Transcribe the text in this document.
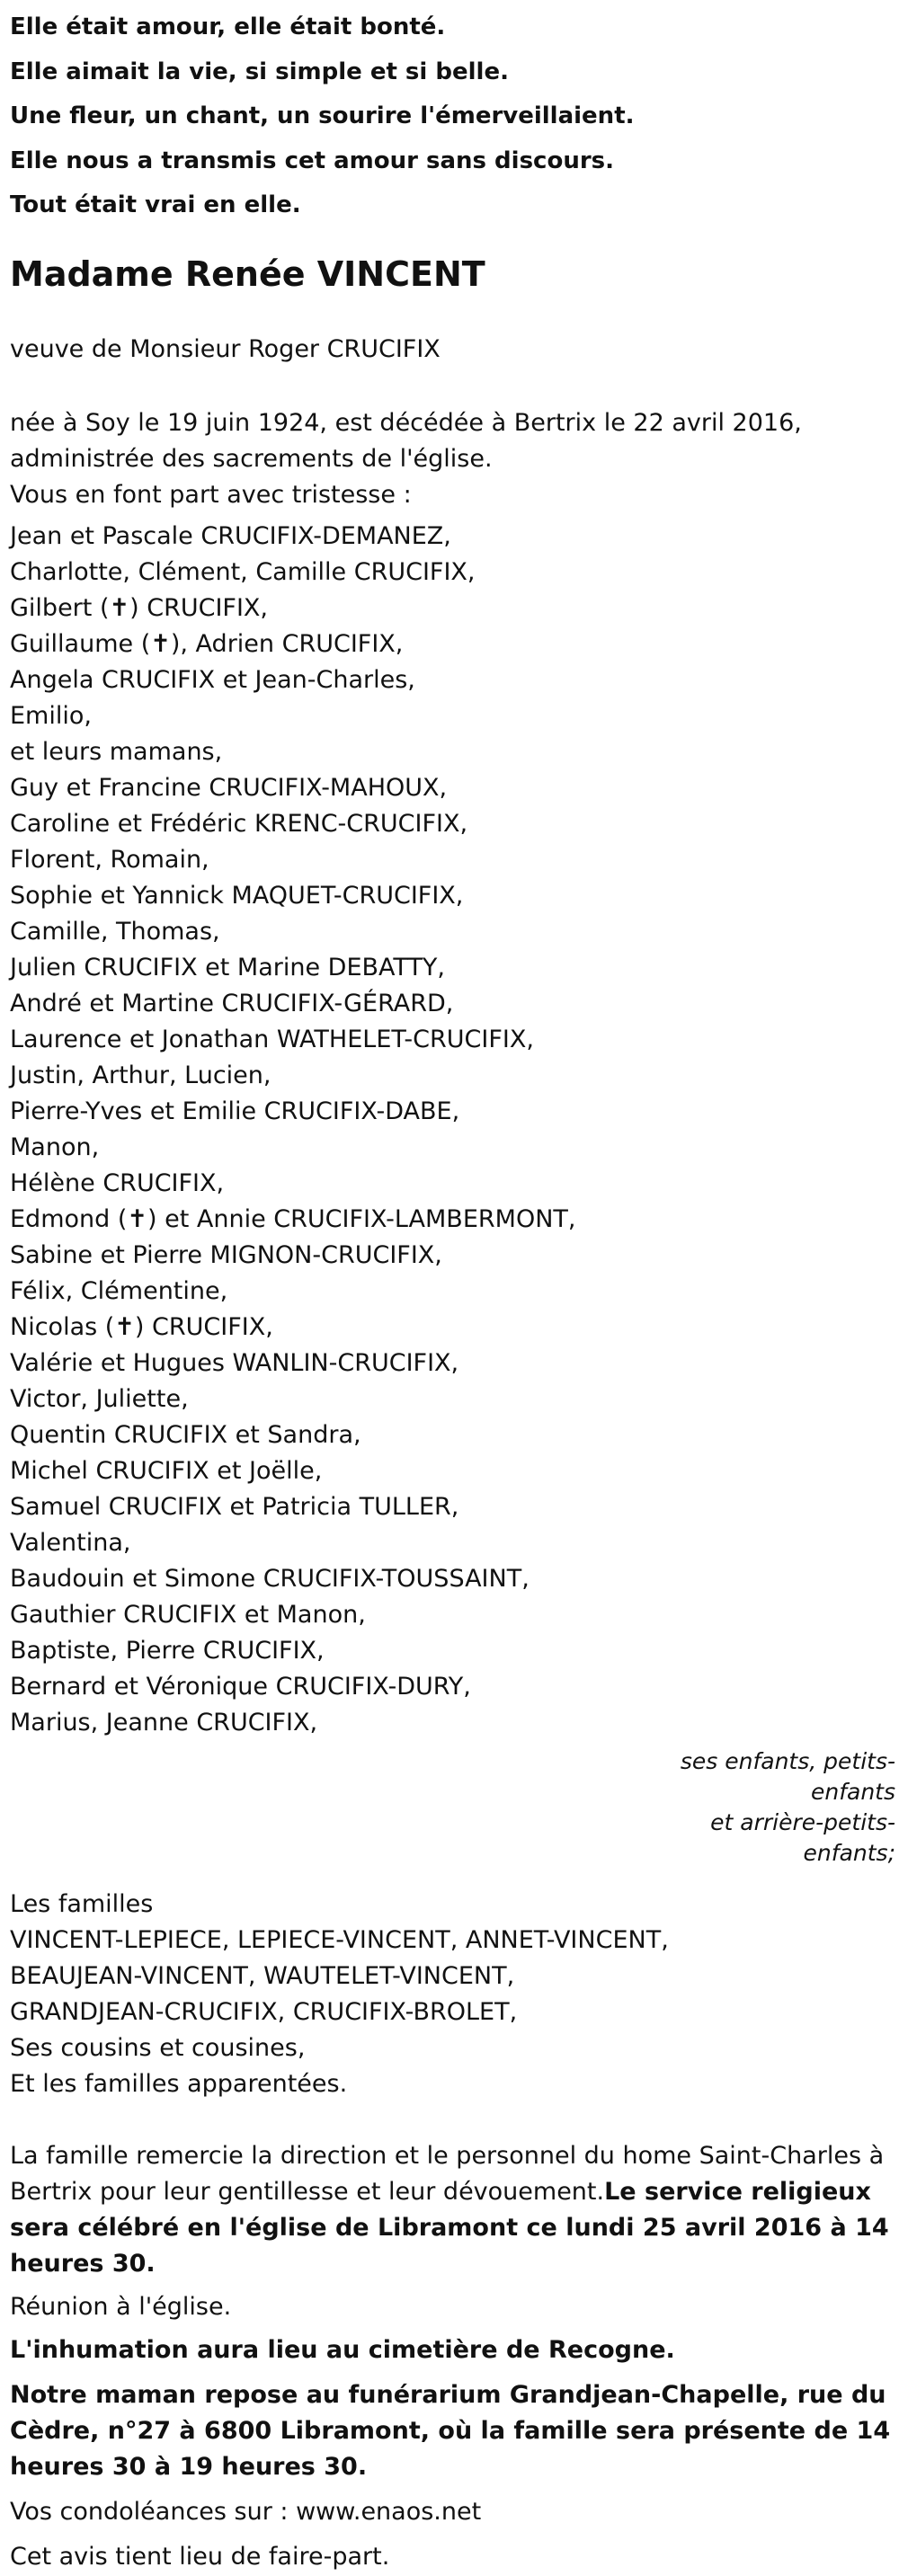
Elle était amour, elle était bonté.
Elle aimait la vie, si simple et si belle.
Une fleur, un chant, un sourire l'émerveillaient.
Elle nous a transmis cet amour sans discours.
Tout était vrai en elle.
Madame Renée VINCENT
veuve de Monsieur Roger CRUCIFIX
née à Soy le 19 juin 1924, est décédée à Bertrix le 22 avril 2016, administrée des sacrements de l'église.
Vous en font part avec tristesse :
Jean et Pascale CRUCIFIX-DEMANEZ,
Charlotte, Clément, Camille CRUCIFIX,
Gilbert (✝) CRUCIFIX,
Guillaume (✝), Adrien CRUCIFIX,
Angela CRUCIFIX et Jean-Charles,
Emilio,
et leurs mamans,
Guy et Francine CRUCIFIX-MAHOUX,
Caroline et Frédéric KRENC-CRUCIFIX,
Florent, Romain,
Sophie et Yannick MAQUET-CRUCIFIX,
Camille, Thomas,
Julien CRUCIFIX et Marine DEBATTY,
André et Martine CRUCIFIX-GÉRARD,
Laurence et Jonathan WATHELET-CRUCIFIX,
Justin, Arthur, Lucien,
Pierre-Yves et Emilie CRUCIFIX-DABE,
Manon,
Hélène CRUCIFIX,
Edmond (✝) et Annie CRUCIFIX-LAMBERMONT,
Sabine et Pierre MIGNON-CRUCIFIX,
Félix, Clémentine,
Nicolas (✝) CRUCIFIX,
Valérie et Hugues WANLIN-CRUCIFIX,
Victor, Juliette,
Quentin CRUCIFIX et Sandra,
Michel CRUCIFIX et Joëlle,
Samuel CRUCIFIX et Patricia TULLER,
Valentina,
Baudouin et Simone CRUCIFIX-TOUSSAINT,
Gauthier CRUCIFIX et Manon,
Baptiste, Pierre CRUCIFIX,
Bernard et Véronique CRUCIFIX-DURY,
Marius, Jeanne CRUCIFIX,
ses enfants, petits-
enfants
et arrière-petits-
enfants;
Les familles
VINCENT-LEPIECE, LEPIECE-VINCENT, ANNET-VINCENT,
BEAUJEAN-VINCENT, WAUTELET-VINCENT,
GRANDJEAN-CRUCIFIX, CRUCIFIX-BROLET,
Ses cousins et cousines,
Et les familles apparentées.
La famille remercie la direction et le personnel du home Saint-Charles à Bertrix pour leur gentillesse et leur dévouement.Le service religieux sera célébré en l'église de Libramont ce lundi 25 avril 2016 à 14 heures 30.
Réunion à l'église.
L'inhumation aura lieu au cimetière de Recogne.
Notre maman repose au funérarium Grandjean-Chapelle, rue du Cèdre, n°27 à 6800 Libramont, où la famille sera présente de 14 heures 30 à 19 heures 30.
Vos condoléances sur : www.enaos.net
Cet avis tient lieu de faire-part.
